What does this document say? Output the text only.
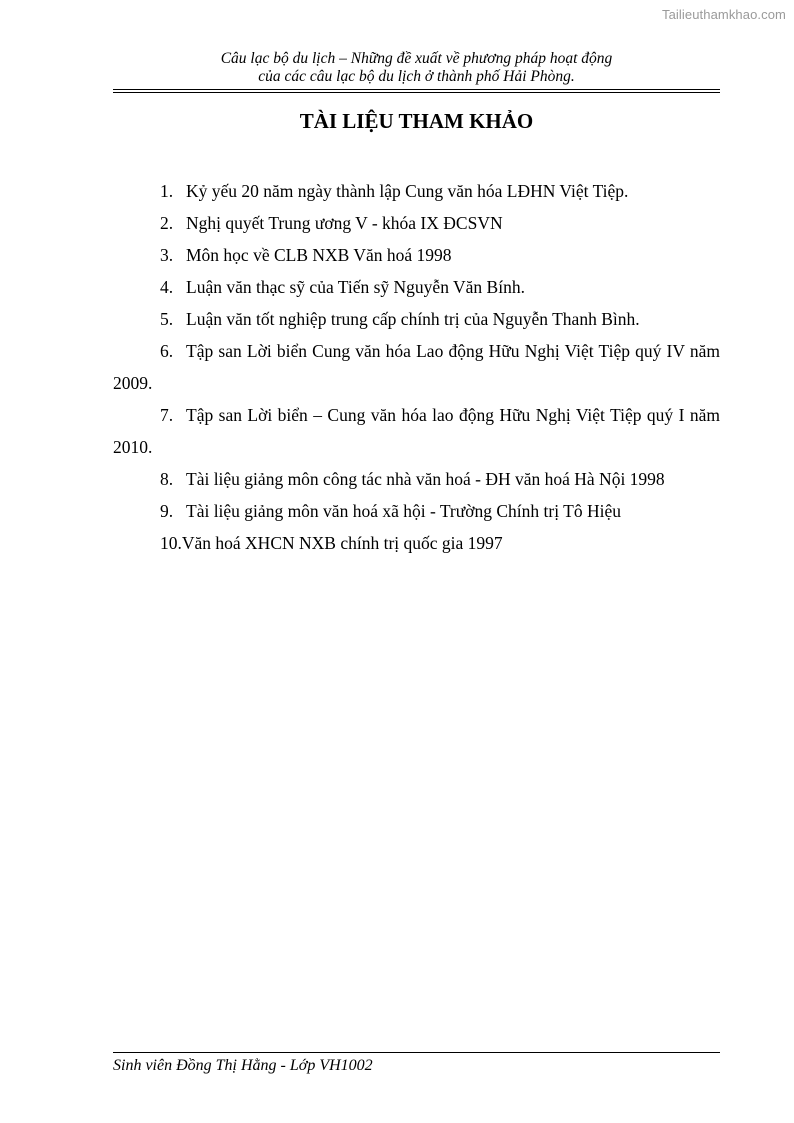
Tailieuthamkhao.com
Câu lạc bộ du lịch – Những đề xuất về phương pháp hoạt động
của các câu lạc bộ du lịch ở thành phố Hải Phòng.
TÀI LIỆU THAM KHẢO

1. Kỷ yếu 20 năm ngày thành lập Cung văn hóa LĐHN Việt Tiệp.

2. Nghị quyết Trung ương V - khóa IX ĐCSVN

3. Môn học về CLB NXB Văn hoá 1998

4. Luận văn thạc sỹ của Tiến sỹ Nguyễn Văn Bính.

5. Luận văn tốt nghiệp trung cấp chính trị của Nguyễn Thanh Bình.

6. Tập san Lời biển Cung văn hóa Lao động Hữu Nghị Việt Tiệp quý IV năm 2009.

7. Tập san Lời biển – Cung văn hóa lao động Hữu Nghị Việt Tiệp quý I năm 2010.

8. Tài liệu giảng môn công tác nhà văn hoá - ĐH văn hoá Hà Nội 1998

9. Tài liệu giảng môn văn hoá xã hội - Trường Chính trị Tô Hiệu

10.Văn hoá XHCN NXB chính trị quốc gia 1997

Sinh viên Đồng Thị Hằng - Lớp VH1002
